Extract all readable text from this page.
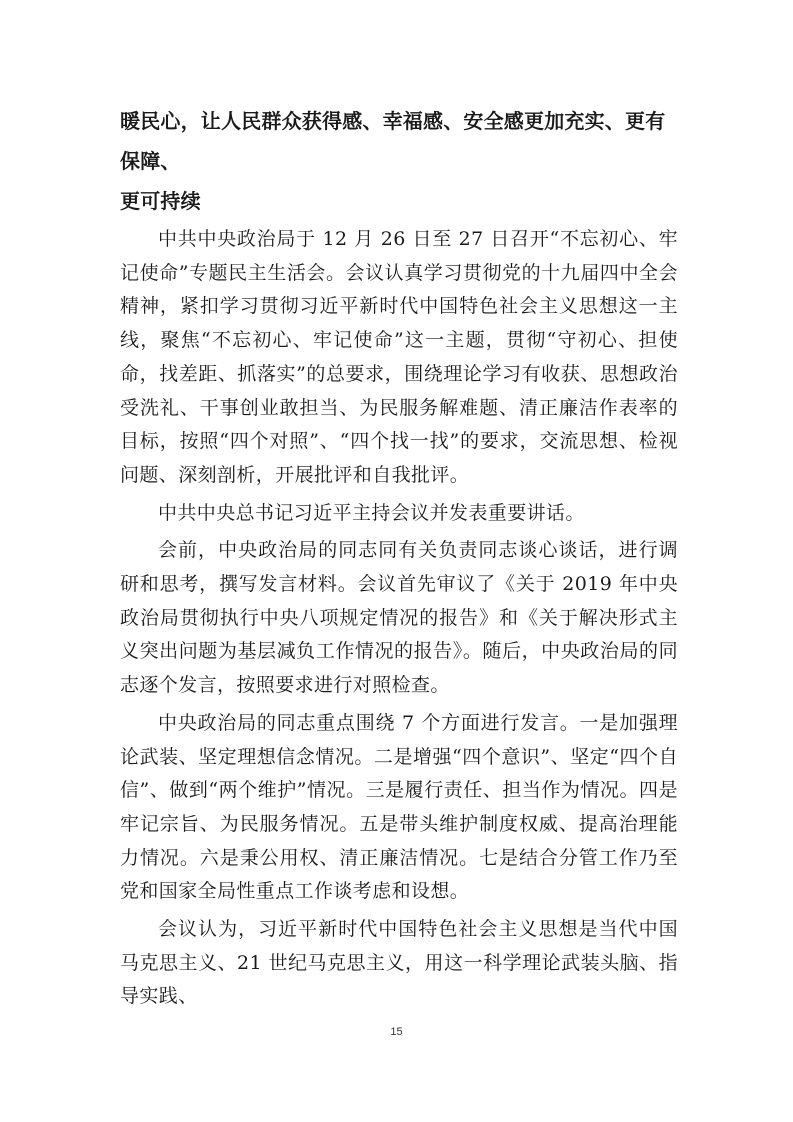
暖民心，让人民群众获得感、幸福感、安全感更加充实、更有保障、
更可持续

中共中央政治局于 12 月 26 日至 27 日召开“不忘初心、牢记使命”专题民主生活会。会议认真学习贯彻党的十九届四中全会精神，紧扣学习贯彻习近平新时代中国特色社会主义思想这一主线，聚焦“不忘初心、牢记使命”这一主题，贯彻“守初心、担使命，找差距、抓落实”的总要求，围绕理论学习有收获、思想政治受洗礼、干事创业敢担当、为民服务解难题、清正廉洁作表率的目标，按照“四个对照”、“四个找一找”的要求，交流思想、检视问题、深刻剖析，开展批评和自我批评。

中共中央总书记习近平主持会议并发表重要讲话。

会前，中央政治局的同志同有关负责同志谈心谈话，进行调研和思考，撰写发言材料。会议首先审议了《关于 2019 年中央政治局贯彻执行中央八项规定情况的报告》和《关于解决形式主义突出问题为基层减负工作情况的报告》。随后，中央政治局的同志逐个发言，按照要求进行对照检查。

中央政治局的同志重点围绕 7 个方面进行发言。一是加强理论武装、坚定理想信念情况。二是增强“四个意识”、坚定“四个自信”、做到“两个维护”情况。三是履行责任、担当作为情况。四是牢记宗旨、为民服务情况。五是带头维护制度权威、提高治理能力情况。六是秉公用权、清正廉洁情况。七是结合分管工作乃至党和国家全局性重点工作谈考虑和设想。

会议认为，习近平新时代中国特色社会主义思想是当代中国马克思主义、21 世纪马克思主义，用这一科学理论武装头脑、指导实践、

15
